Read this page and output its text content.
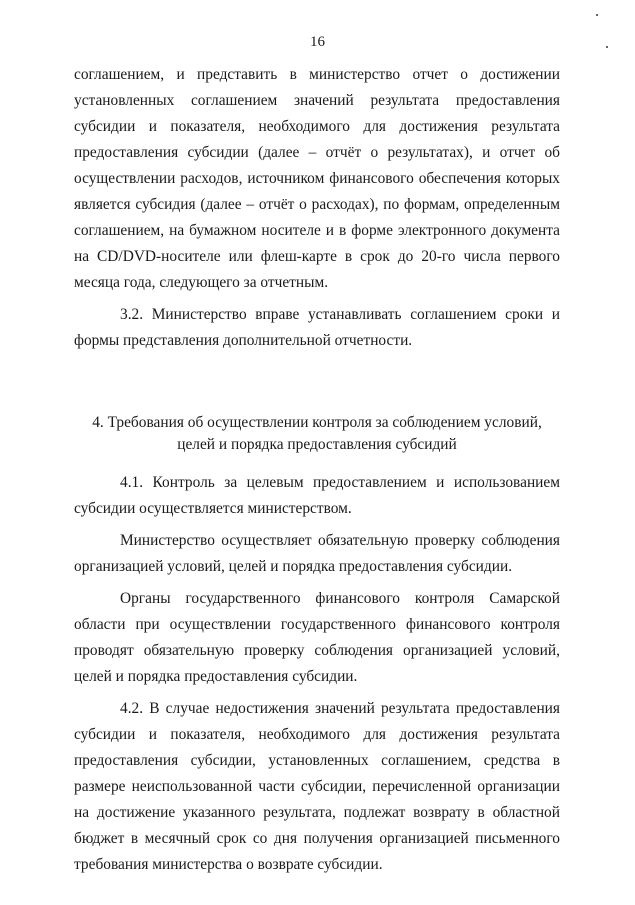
16

соглашением, и представить в министерство отчет о достижении установленных соглашением значений результата предоставления субсидии и показателя, необходимого для достижения результата предоставления субсидии (далее – отчёт о результатах), и отчет об осуществлении расходов, источником финансового обеспечения которых является субсидия (далее – отчёт о расходах), по формам, определенным соглашением, на бумажном носителе и в форме электронного документа на CD/DVD-носителе или флеш-карте в срок до 20-го числа первого месяца года, следующего за отчетным.

3.2. Министерство вправе устанавливать соглашением сроки и формы представления дополнительной отчетности.

4. Требования об осуществлении контроля за соблюдением условий,

целей и порядка предоставления субсидий

4.1. Контроль за целевым предоставлением и использованием субсидии осуществляется министерством.

Министерство осуществляет обязательную проверку соблюдения организацией условий, целей и порядка предоставления субсидии.

Органы государственного финансового контроля Самарской области при осуществлении государственного финансового контроля проводят обязательную проверку соблюдения организацией условий, целей и порядка предоставления субсидии.

4.2. В случае недостижения значений результата предоставления субсидии и показателя, необходимого для достижения результата предоставления субсидии, установленных соглашением, средства в размере неиспользованной части субсидии, перечисленной организации на достижение указанного результата, подлежат возврату в областной бюджет в месячный срок со дня получения организацией письменного требования министерства о возврате субсидии.
